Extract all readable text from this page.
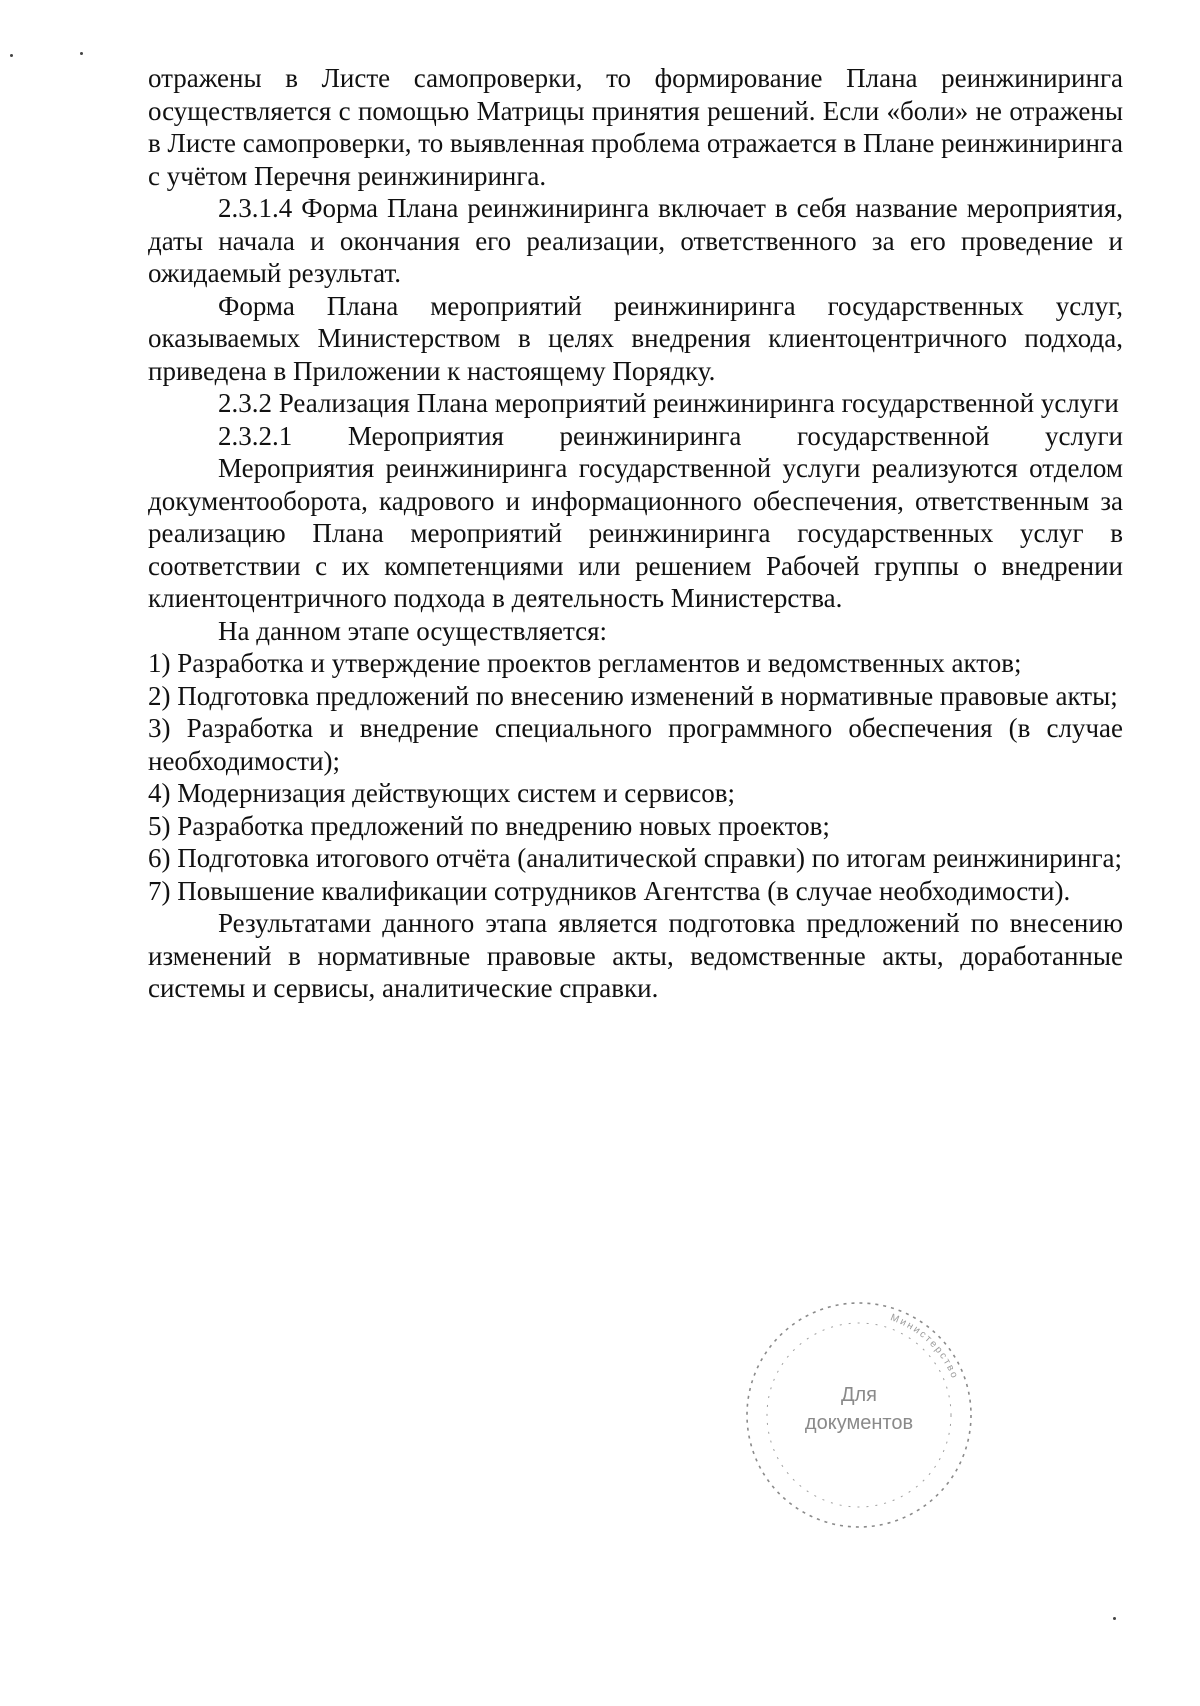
отражены в Листе самопроверки, то формирование Плана реинжиниринга осуществляется с помощью Матрицы принятия решений. Если «боли» не отражены в Листе самопроверки, то выявленная проблема отражается в Плане реинжиниринга с учётом Перечня реинжиниринга.

2.3.1.4 Форма Плана реинжиниринга включает в себя название мероприятия, даты начала и окончания его реализации, ответственного за его проведение и ожидаемый результат.

Форма Плана мероприятий реинжиниринга государственных услуг, оказываемых Министерством в целях внедрения клиентоцентричного подхода, приведена в Приложении к настоящему Порядку.

2.3.2 Реализация Плана мероприятий реинжиниринга государственной услуги

2.3.2.1 Мероприятия реинжиниринга государственной услуги

Мероприятия реинжиниринга государственной услуги реализуются отделом документооборота, кадрового и информационного обеспечения, ответственным за реализацию Плана мероприятий реинжиниринга государственных услуг в соответствии с их компетенциями или решением Рабочей группы о внедрении клиентоцентричного подхода в деятельность Министерства.

На данном этапе осуществляется:

1) Разработка и утверждение проектов регламентов и ведомственных актов;

2) Подготовка предложений по внесению изменений в нормативные правовые акты;

3) Разработка и внедрение специального программного обеспечения (в случае необходимости);

4) Модернизация действующих систем и сервисов;

5) Разработка предложений по внедрению новых проектов;

6) Подготовка итогового отчёта (аналитической справки) по итогам реинжиниринга;

7) Повышение квалификации сотрудников Агентства (в случае необходимости).

Результатами данного этапа является подготовка предложений по внесению изменений в нормативные правовые акты, ведомственные акты, доработанные системы и сервисы, аналитические справки.

Министерство
Для
документов
